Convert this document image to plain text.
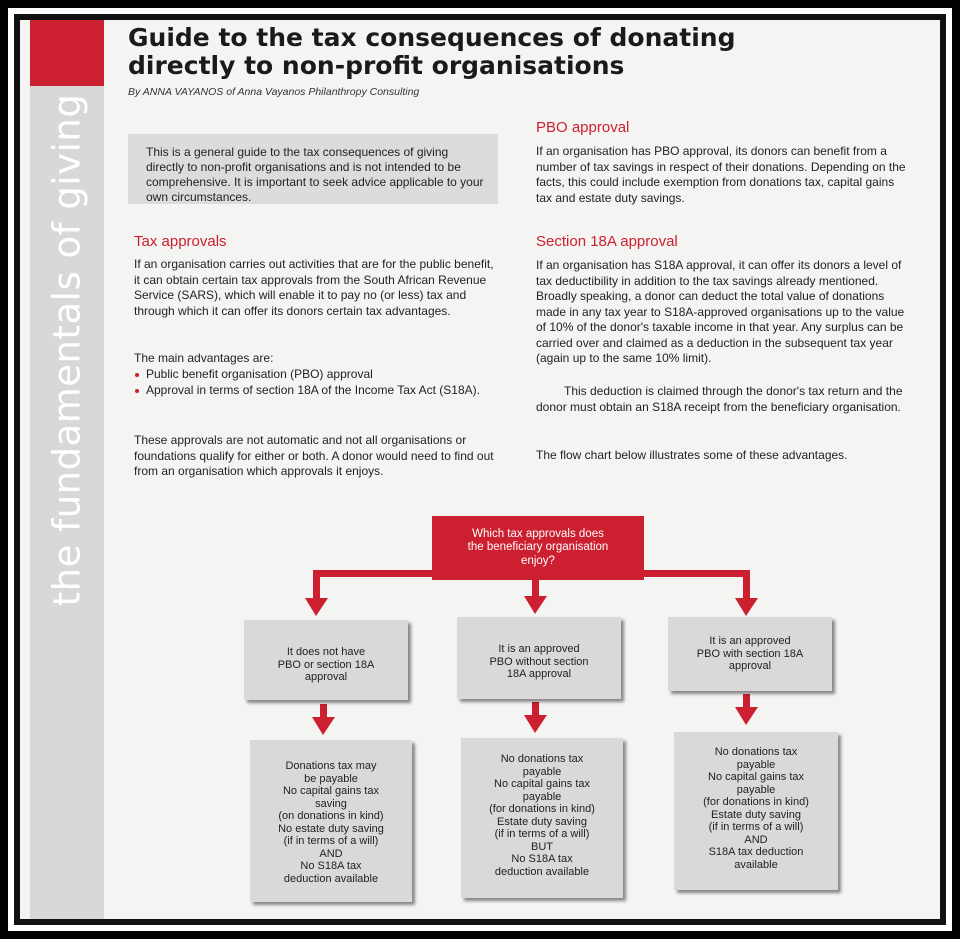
the fundamentals of giving
Guide to the tax consequences of donating directly to non-profit organisations
By ANNA VAYANOS of Anna Vayanos Philanthropy Consulting

This is a general guide to the tax consequences of giving directly to non-profit organisations and is not intended to be comprehensive. It is important to seek advice applicable to your own circumstances.

Tax approvals

If an organisation carries out activities that are for the public benefit, it can obtain certain tax approvals from the South African Revenue Service (SARS), which will enable it to pay no (or less) tax and through which it can offer its donors certain tax advantages.

The main advantages are:

Public benefit organisation (PBO) approval
Approval in terms of section 18A of the Income Tax Act (S18A).

These approvals are not automatic and not all organisations or foundations qualify for either or both. A donor would need to find out from an organisation which approvals it enjoys.

PBO approval

If an organisation has PBO approval, its donors can benefit from a number of tax savings in respect of their donations. Depending on the facts, this could include exemption from donations tax, capital gains tax and estate duty savings.

Section 18A approval

If an organisation has S18A approval, it can offer its donors a level of tax deductibility in addition to the tax savings already mentioned. Broadly speaking, a donor can deduct the total value of donations made in any tax year to S18A-approved organisations up to the value of 10% of the donor's taxable income in that year. Any surplus can be carried over and claimed as a deduction in the subsequent tax year (again up to the same 10% limit).

This deduction is claimed through the donor's tax return and the donor must obtain an S18A receipt from the beneficiary organisation.

The flow chart below illustrates some of these advantages.

Which tax approvals does the beneficiary organisation enjoy?
It does not have
PBO or section 18A
approval
It is an approved
PBO without section
18A approval
It is an approved
PBO with section 18A
approval
Donations tax may
be payable
No capital gains tax
saving
(on donations in kind)
No estate duty saving
(if in terms of a will)
AND
No S18A tax
deduction available
No donations tax
payable
No capital gains tax
payable
(for donations in kind)
Estate duty saving
(if in terms of a will)
BUT
No S18A tax
deduction available
No donations tax
payable
No capital gains tax
payable
(for donations in kind)
Estate duty saving
(if in terms of a will)
AND
S18A tax deduction
available
